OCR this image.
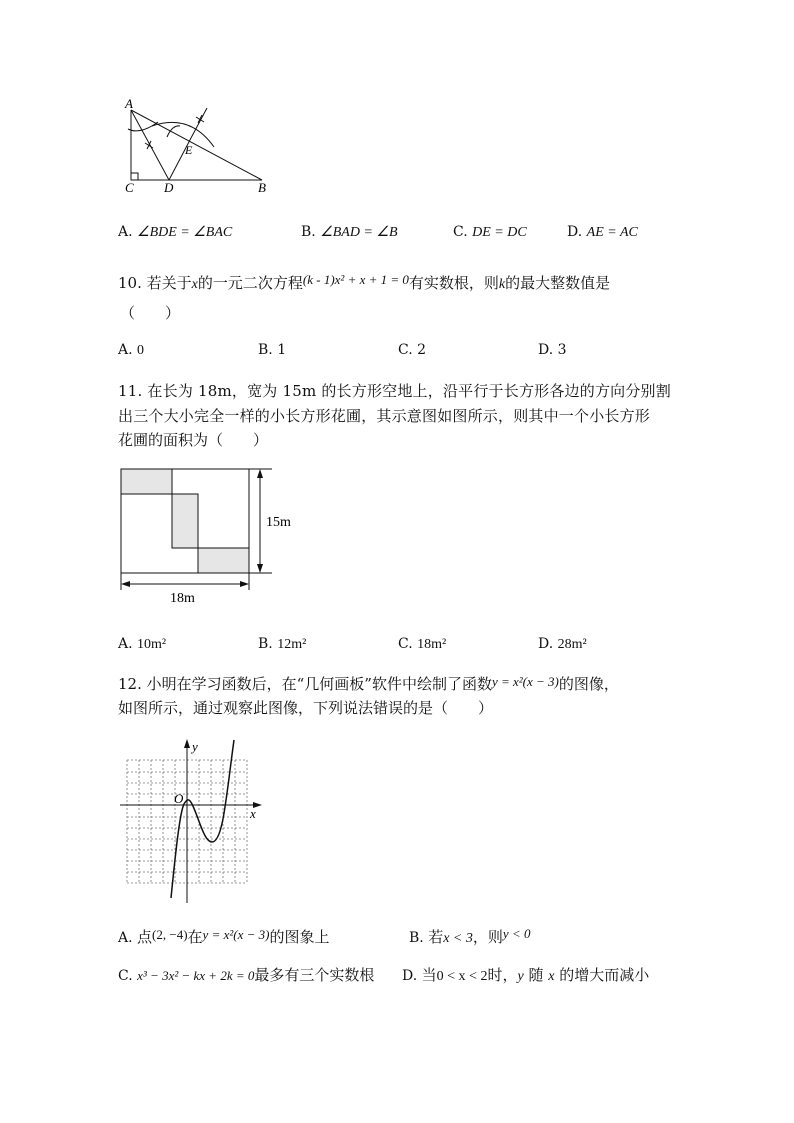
A
E
C D	B
A. ∠BDE = ∠BAC	B. ∠BAD = ∠B	C. DE = DC	D. AE = AC
10. 若关于x的一元二次方程(k - 1)x² + x + 1 = 0有实数根，则k的最大整数值是
（　　）
A. 0	B. 1	C. 2	D. 3
11. 在长为 18m，宽为 15m 的长方形空地上，沿平行于长方形各边的方向分别割
出三个大小完全一样的小长方形花圃，其示意图如图所示，则其中一个小长方形
花圃的面积为（　　）
15m
18m
A. 10m²	B. 12m²	C. 18m²	D. 28m²
12. 小明在学习函数后，在“几何画板”软件中绘制了函数y = x²(x − 3)的图像，
如图所示，通过观察此图像，下列说法错误的是（　　）
y
x
O
A. 点(2, −4)在y = x²(x − 3)的图象上	B. 若x < 3，则y < 0
C. x³ − 3x² − kx + 2k = 0最多有三个实数根 D. 当0 < x < 2时，y 随 x 的增大而减小
